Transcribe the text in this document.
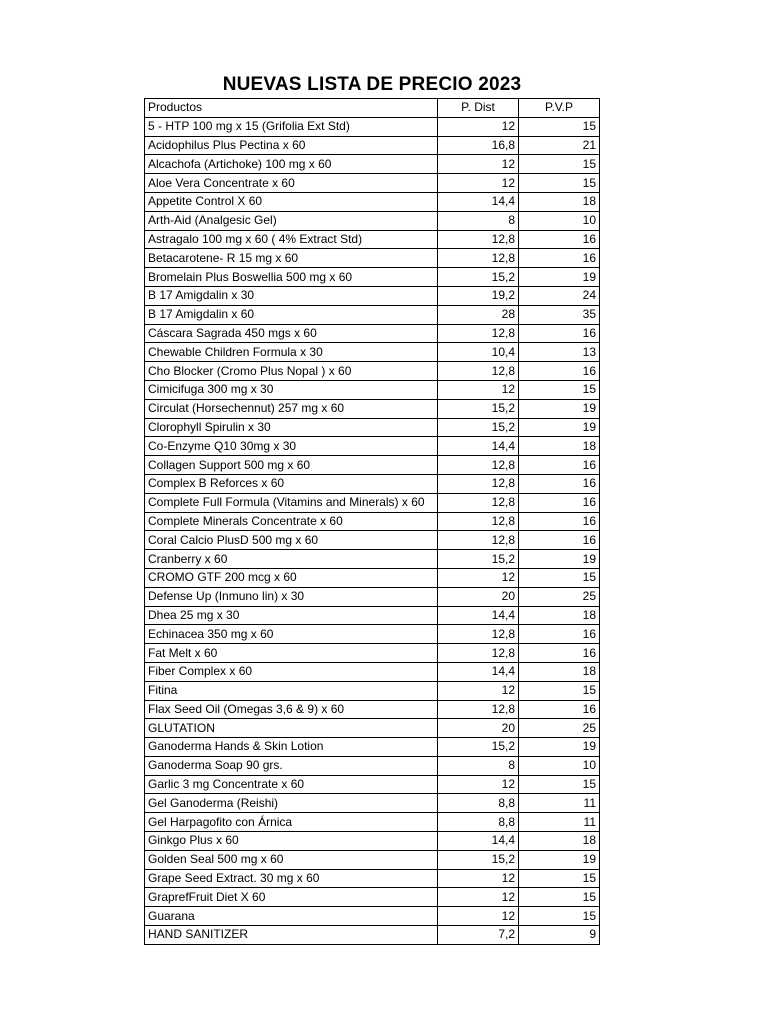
NUEVAS LISTA DE PRECIO 2023
Productos	P. Dist	P.V.P
5 - HTP 100 mg x 15 (Grifolia Ext Std)	12	15
Acidophilus Plus Pectina x 60	16,8	21
Alcachofa (Artichoke) 100 mg x 60	12	15
Aloe Vera Concentrate x 60	12	15
Appetite Control X 60	14,4	18
Arth-Aid (Analgesic Gel)	8	10
Astragalo 100 mg x 60 ( 4% Extract Std)	12,8	16
Betacarotene- R 15 mg x 60	12,8	16
Bromelain Plus Boswellia 500 mg x 60	15,2	19
B 17 Amigdalin x 30	19,2	24
B 17 Amigdalin x 60	28	35
Cáscara Sagrada 450 mgs x 60	12,8	16
Chewable Children Formula x 30	10,4	13
Cho Blocker (Cromo Plus Nopal ) x 60	12,8	16
Cimicifuga 300 mg x 30	12	15
Circulat (Horsechennut) 257 mg x 60	15,2	19
Clorophyll Spirulin x 30	15,2	19
Co-Enzyme Q10 30mg x 30	14,4	18
Collagen Support 500 mg x 60	12,8	16
Complex B Reforces x 60	12,8	16
Complete Full Formula (Vitamins and Minerals) x 60	12,8	16
Complete Minerals Concentrate x 60	12,8	16
Coral Calcio PlusD 500 mg x 60	12,8	16
Cranberry x 60	15,2	19
CROMO GTF 200 mcg x 60	12	15
Defense Up (Inmuno lin) x 30	20	25
Dhea 25 mg x 30	14,4	18
Echinacea 350 mg x 60	12,8	16
Fat Melt x 60	12,8	16
Fiber Complex x 60	14,4	18
Fitina	12	15
Flax Seed Oil (Omegas 3,6 & 9) x 60	12,8	16
GLUTATION	20	25
Ganoderma Hands & Skin Lotion	15,2	19
Ganoderma Soap 90 grs.	8	10
Garlic 3 mg Concentrate x 60	12	15
Gel Ganoderma (Reishi)	8,8	11
Gel Harpagofito con Árnica	8,8	11
Ginkgo Plus x 60	14,4	18
Golden Seal 500 mg x 60	15,2	19
Grape Seed Extract. 30 mg x 60	12	15
GraprefFruit Diet X 60	12	15
Guarana	12	15
HAND SANITIZER	7,2	9
